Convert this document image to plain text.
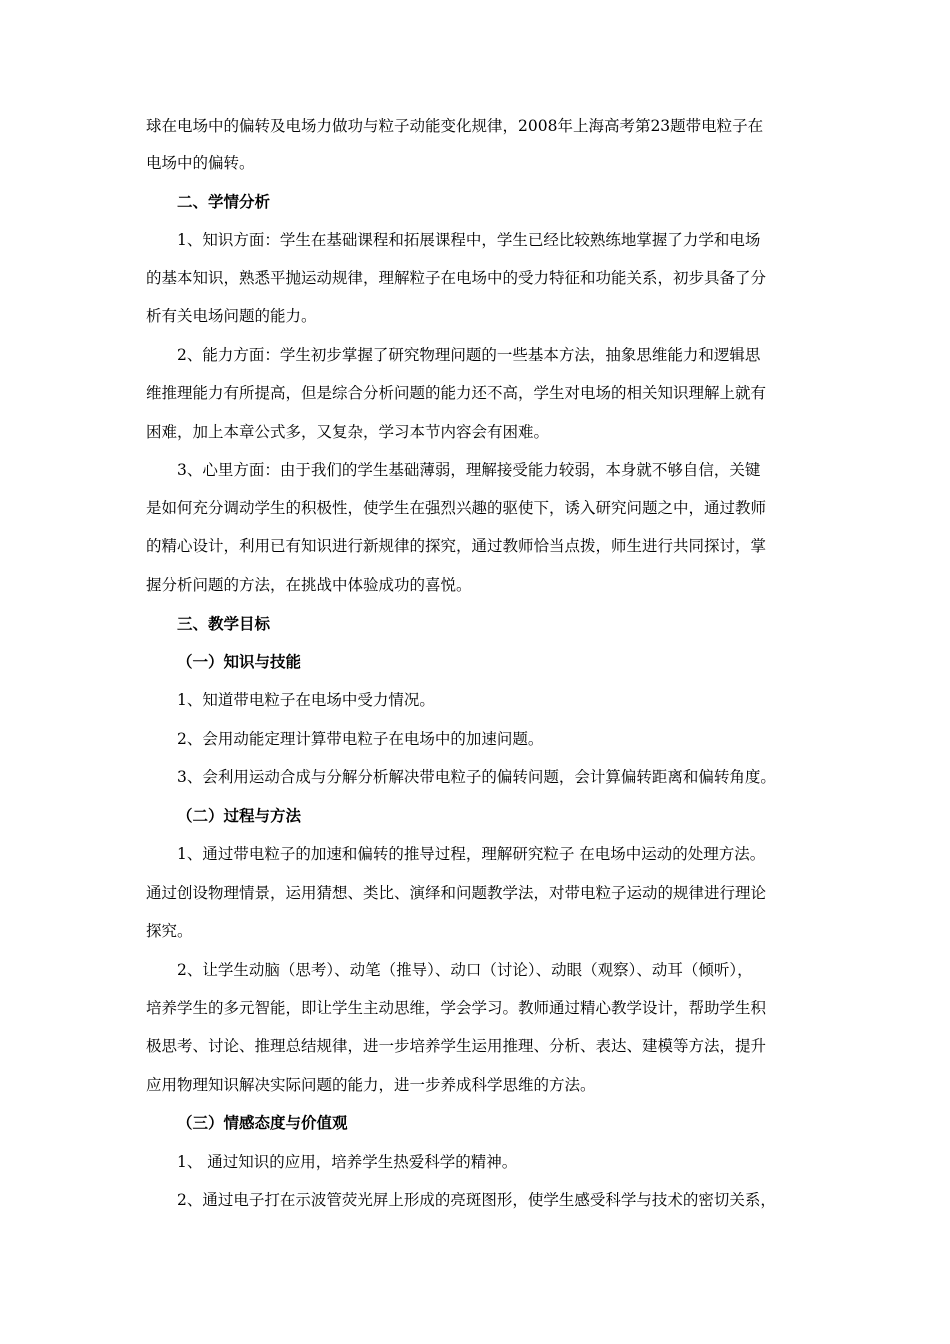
球在电场中的偏转及电场力做功与粒子动能变化规律，2008年上海高考第23题带电粒子在
电场中的偏转。
二、学情分析
1、知识方面：学生在基础课程和拓展课程中，学生已经比较熟练地掌握了力学和电场
的基本知识，熟悉平抛运动规律，理解粒子在电场中的受力特征和功能关系，初步具备了分
析有关电场问题的能力。
2、能力方面：学生初步掌握了研究物理问题的一些基本方法，抽象思维能力和逻辑思
维推理能力有所提高，但是综合分析问题的能力还不高，学生对电场的相关知识理解上就有
困难，加上本章公式多，又复杂，学习本节内容会有困难。
3、心里方面：由于我们的学生基础薄弱，理解接受能力较弱，本身就不够自信，关键
是如何充分调动学生的积极性，使学生在强烈兴趣的驱使下，诱入研究问题之中，通过教师
的精心设计，利用已有知识进行新规律的探究，通过教师恰当点拨，师生进行共同探讨，掌
握分析问题的方法，在挑战中体验成功的喜悦。
三、教学目标
（一）知识与技能
1、知道带电粒子在电场中受力情况。
2、会用动能定理计算带电粒子在电场中的加速问题。
3、会利用运动合成与分解分析解决带电粒子的偏转问题，会计算偏转距离和偏转角度。
（二）过程与方法
1、通过带电粒子的加速和偏转的推导过程，理解研究粒子 在电场中运动的处理方法。
通过创设物理情景，运用猜想、类比、演绎和问题教学法，对带电粒子运动的规律进行理论
探究。
2、让学生动脑（思考）、动笔（推导）、动口（讨论）、动眼（观察）、动耳（倾听），
培养学生的多元智能，即让学生主动思维，学会学习。教师通过精心教学设计，帮助学生积
极思考、讨论、推理总结规律，进一步培养学生运用推理、分析、表达、建模等方法，提升
应用物理知识解决实际问题的能力，进一步养成科学思维的方法。
（三）情感态度与价值观
1、 通过知识的应用，培养学生热爱科学的精神。
2、通过电子打在示波管荧光屏上形成的亮斑图形，使学生感受科学与技术的密切关系，
